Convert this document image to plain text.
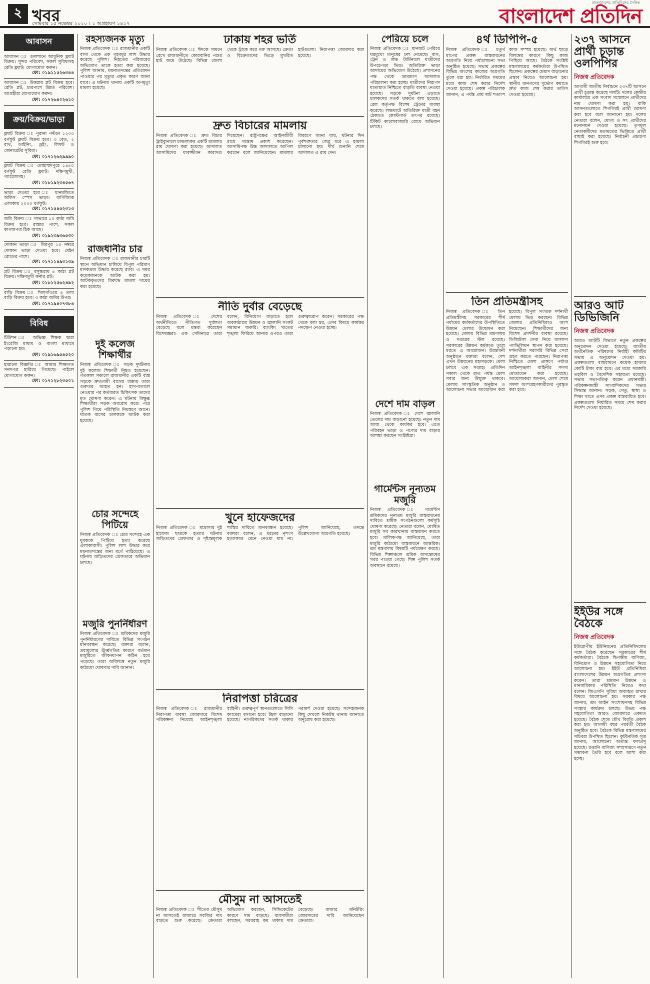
২ খবর
সোমবার ১৫ নভেম্বর ২০১০ । ১ অগ্রহায়ণ ১৪১৭
বাংলাদেশের প্রতিদিনের দৈনিক
বাংলাদেশ প্রতিদিন
আবাসন
আবাসন ঃ গুলশানে আধুনিক ফ্ল্যাট বিক্রয়। সুন্দর পরিবেশ, সকল সুবিধাসহ রেডি ফ্ল্যাট। যোগাযোগ করুন।
ফো: ০১৯১১৫২৬৩৪৪
আবাসন ঃ উত্তরায় প্লট বিক্রয় হবে। রেডি প্লট, চারপাশে উন্নত পরিবেশ। আগ্রহীরা যোগাযোগ করুন।
ফো: ০১৭২৬৪০২৬১০
ক্রয়/বিক্রয়/ভাড়া
ফ্ল্যাট বিক্রয় ঃ পুরানা পল্টনে ১২০০ বর্গফুট ফ্ল্যাট বিক্রয় হবে। ৩ বেড, ২ বাথ, ডাইনিং, ড্রইং, লিফট ও জেনারেটর সুবিধা।
ফো: ০১৭১২৬২৯৯৯০
ফ্ল্যাট বিক্রয় ঃ মোহাম্মদপুরে ১৪৫০ বর্গফুট রেডি ফ্ল্যাট। দক্ষিণমুখী, গ্যারেজসহ।
ফো: ০১৮১৯২৩৪৫৬৭
ভাড়া দেওয়া হবে ঃ ধানমন্ডিতে অফিস স্পেস ভাড়া। বাণিজ্যিক এলাকায় ২০০০ বর্গফুট।
ফো: ০১৭১৫৪৫২৩১৩
জমি বিক্রয় ঃ সাভারে ১০ কাঠা জমি বিক্রয় হবে। রাস্তার পাশে, সকল কাগজপত্র ঠিক আছে।
ফো: ০১৯১৩৯৩৬৫৩০
দোকান ভাড়া ঃ মিরপুর ১০ নম্বরে দোকান ভাড়া দেওয়া হবে। মেইন রোডের পাশে।
ফো: ০১৭১১৪৯৩১৩৯
প্লট বিক্রয় ঃ বসুন্ধরায় ৫ কাঠা প্লট বিক্রয়। দক্ষিণমুখী কর্নার প্লট।
ফো: ০১৮১২৫৬২৪৯২
বাড়ি বিক্রয় ঃ খিলগাঁওয়ে ৪ তলা বাড়ি বিক্রয় হবে। ৩ কাঠা জমির উপর।
ফো: ০১৭১৯৪০৭৩৮৪
বিবিধ
টিউশন ঃ অভিজ্ঞ শিক্ষক দ্বারা ইংরেজি মাধ্যম ও বাংলা মাধ্যমে পড়ানো হয়।
ফো: ০১৯১৬৯৫৪৫২০
হারানো বিজ্ঞপ্তি ঃ আমার শিক্ষাগত সনদপত্র হারিয়ে গিয়েছে। পাইলে যোগাযোগ করুন।
ফো: ০১৭১২৮২৩৫০১
রহস্যজনক মৃত্যু
নিজস্ব প্রতিবেদক ঃ রাজধানীর একটি বাসা থেকে এক গৃহবধূর লাশ উদ্ধার করেছে পুলিশ। নিহতের পরিবারের অভিযোগ তাকে হত্যা করা হয়েছে। পুলিশ জানায়, ময়নাতদন্তের প্রতিবেদন পাওয়ার পর মৃত্যুর প্রকৃত কারণ জানা যাবে। এ ঘটনায় থানায় একটি অপমৃত্যু মামলা হয়েছে।
রাজধানীর চার
নিজস্ব প্রতিবেদক ঃ রাজধানীর চারটি স্থানে অভিযান চালিয়ে বিপুল পরিমাণ মাদকদ্রব্য উদ্ধার করেছে র‍্যাব। এ সময় কয়েকজনকে আটক করা হয়। আটককৃতদের বিরুদ্ধে মামলা দায়ের করা হয়েছে।
দুই কলেজ শিক্ষার্থীর
নিজস্ব প্রতিবেদক ঃ সড়ক দুর্ঘটনায় দুই কলেজ শিক্ষার্থী নিহত হয়েছেন। গতকাল সকালে রাজধানীর একটি ব্যস্ত সড়কে দ্রুতগামী বাসের ধাক্কায় তারা গুরুতর আহত হন। হাসপাতালে নেওয়ার পর কর্তব্যরত চিকিৎসক তাদের মৃত ঘোষণা করেন। এ ঘটনায় বিক্ষুব্ধ শিক্ষার্থীরা সড়ক অবরোধ করে। পরে পুলিশ গিয়ে পরিস্থিতি নিয়ন্ত্রণে আনে। ঘাতক বাসের চালককে আটক করা হয়েছে।
চোর সন্দেহে পিটিয়ে
নিজস্ব প্রতিবেদক ঃ চোর সন্দেহে এক যুবককে পিটিয়ে হত্যা করেছে এলাকাবাসী। পুলিশ লাশ উদ্ধার করে ময়নাতদন্তের জন্য মর্গে পাঠিয়েছে। এ ঘটনায় জড়িতদের গ্রেফতারে অভিযান চলছে।
মজুরি পুনর্নির্ধারণ
নিজস্ব প্রতিবেদক ঃ শ্রমিকদের মজুরি পুনর্নির্ধারণের দাবিতে বিভিন্ন সংগঠন মানববন্ধন করেছে। বক্তারা বলেন, দ্রব্যমূল্যের ঊর্ধ্বগতির কারণে বর্তমান মজুরিতে জীবনযাপন কঠিন হয়ে পড়েছে। তারা অবিলম্বে নতুন মজুরি কাঠামো ঘোষণার দাবি জানান।
ঢাকায় শহর ভর্তি
নিজস্ব প্রতিবেদক ঃ ঈদকে সামনে রেখে রাজধানীতে কোরবানির পশুর হাট জমে উঠেছে। বিভিন্ন জেলা থেকে ট্রাকে করে গরু আসছে। ক্রেতা ও বিক্রেতাদের ভিড়ে মুখরিত হাটগুলো। নিরাপত্তা জোরদার করা হয়েছে।
দ্রুত বিচারের মামলায়
নিজস্ব প্রতিবেদক ঃ দ্রুত বিচার ট্রাইব্যুনালে চাঞ্চল্যকর একটি মামলার রায় ঘোষণা করা হয়েছে। আদালত আসামিদের যাবজ্জীবন কারাদণ্ড দিয়েছেন। রাষ্ট্রপক্ষের আইনজীবী রায়ে সন্তোষ প্রকাশ করেছেন। আসামিপক্ষ উচ্চ আদালতে আপিল করবেন বলে জানিয়েছেন। মামলার বিবরণে জানা যায়, ঘটনার দিন পূর্বশত্রুতার জের ধরে এ হামলা চালানো হয়। দীর্ঘ শুনানি শেষে আদালত এ রায় দেন।
নীতি দুর্বার বেড়েছে
নিজস্ব প্রতিবেদক ঃ দেশের অর্থনীতিতে নীতিগত দুর্বলতা বেড়েছে বলে মন্তব্য করেছেন বিশেষজ্ঞরা। এক সেমিনারে তারা বলেন, বিনিয়োগ বাড়াতে হলে অবকাঠামো উন্নয়ন ও জ্বালানি সংকট সমাধান জরুরি। ব্যাংকিং খাতের শৃঙ্খলা ফিরিয়ে আনার ওপরও তারা গুরুত্বারোপ করেন। সরকারের পক্ষ থেকে বলা হয়, এসব বিষয়ে কার্যকর পদক্ষেপ নেওয়া হচ্ছে।
খুনে হাফেজদের
নিজস্ব প্রতিবেদক ঃ মাদ্রাসার দুই হাফেজ ছাত্রকে হত্যার ঘটনায় জড়িতদের গ্রেফতার ও দৃষ্টান্তমূলক শাস্তির দাবিতে মানববন্ধন হয়েছে। বক্তারা বলেন, এ ধরনের নৃশংস হত্যাকাণ্ড মেনে নেওয়া যায় না। পুলিশ জানিয়েছে, তদন্তে উল্লেখযোগ্য অগ্রগতি হয়েছে।
নিরাপত্তা চরিত্রের
নিজস্ব প্রতিবেদক ঃ রাজধানীর নিরাপত্তা ব্যবস্থা জোরদারে বিশেষ পরিকল্পনা নিয়েছে আইনশৃঙ্খলা বাহিনী। গুরুত্বপূর্ণ স্থানগুলোতে সিসি ক্যামেরা বসানো হবে। টহল বাড়ানো হয়েছে। নাগরিকদের সতর্ক থাকার পরামর্শ দেওয়া হয়েছে। সন্দেহজনক কিছু দেখলে নিকটস্থ থানায় জানাতে অনুরোধ করা হয়েছে।
মৌসুম না আসতেই
নিজস্ব প্রতিবেদক ঃ শীতের মৌসুম না আসতেই বাজারে সবজির দাম বাড়তে শুরু করেছে। ক্রেতারা অভিযোগ করছেন, সিন্ডিকেটের কারণে দাম বাড়ছে। ব্যবসায়ীরা বলছেন, সরবরাহ কম থাকায় দাম বেড়েছে। বাজার মনিটরিং জোরদারের দাবি জানিয়েছেন ক্রেতারা।
পেরিয়ে চলে
নিজস্ব প্রতিবেদক ঃ যানজট পেরিয়ে ঘরমুখো মানুষের ঢল নেমেছে। বাস, ট্রেন ও লঞ্চ টার্মিনালে যাত্রীদের উপচেপড়া ভিড়। অতিরিক্ত ভাড়া আদায়ের অভিযোগ উঠেছে। প্রশাসনের পক্ষ থেকে ভ্রাম্যমাণ আদালত পরিচালনা করা হচ্ছে। যাত্রীদের নিরাপদ যাতায়াত নিশ্চিতে বাড়তি ব্যবস্থা নেওয়া হয়েছে। সড়কে দুর্ঘটনা এড়াতে চালকদের সতর্ক থাকতে বলা হয়েছে। রেল কর্তৃপক্ষ বিশেষ ট্রেনের ব্যবস্থা করেছে। লঞ্চঘাটে অতিরিক্ত যাত্রী বহন ঠেকাতে কোস্টগার্ড তৎপর রয়েছে। টিকিট কালোবাজারি রোধে অভিযান চলছে।
দেশে দাম বাড়ল
নিজস্ব প্রতিবেদক ঃ দেশে জ্বালানি তেলের দাম বাড়ানো হয়েছে। নতুন দাম আজ থেকে কার্যকর হবে। এতে পরিবহন ভাড়া ও পণ্যের দাম বাড়ার আশঙ্কা করছেন সংশ্লিষ্টরা।
গার্মেন্টস নূন্যতম মজুরি
নিজস্ব প্রতিবেদক ঃ গার্মেন্টস শ্রমিকদের নূন্যতম মজুরি বাস্তবায়নের দাবিতে শ্রমিক সংগঠনগুলো কর্মসূচি ঘোষণা করেছে। নেতারা বলেন, ঘোষিত মজুরি সব কারখানায় বাস্তবায়ন করতে হবে। মালিকপক্ষ জানিয়েছে, তারা মজুরি কাঠামো বাস্তবায়নে আন্তরিক। শ্রম মন্ত্রণালয় বিষয়টি পর্যবেক্ষণ করছে। বিভিন্ন শিল্পাঞ্চলে শ্রমিক অসন্তোষের খবর পাওয়া গেছে। শিল্প পুলিশ সতর্ক অবস্থানে রয়েছে।
৪র্থ ডিপিপি-৫
নিজস্ব প্রতিবেদক ঃ চতুর্থ ধাপের প্রকল্প বাস্তবায়নের অগ্রগতি নিয়ে পর্যালোচনা সভা অনুষ্ঠিত হয়েছে। সভায় প্রকল্পের বিভিন্ন অংশের কাজের অগ্রগতি তুলে ধরা হয়। নির্ধারিত সময়ের মধ্যে কাজ শেষ করার নির্দেশ দেওয়া হয়েছে। প্রকল্প পরিচালক জানান, এ পর্যন্ত প্রায় ষাট শতাংশ কাজ সম্পন্ন হয়েছে। অর্থ ছাড়ে বিলম্বের কারণে কিছু কাজ পিছিয়ে আছে। বৈঠকে সংশ্লিষ্ট মন্ত্রণালয়ের কর্মকর্তারা উপস্থিত ছিলেন। প্রকল্পের মেয়াদ বাড়ানোর প্রস্তাব নিয়েও আলোচনা হয়। স্থানীয় জনগণের দুর্ভোগ কমাতে দ্রুত কাজ শেষ করার তাগিদ দেওয়া হয়েছে।
তিন প্রতিমন্ত্রীসহ
নিজস্ব প্রতিবেদক ঃ তিন প্রতিমন্ত্রীসহ সরকারের শীর্ষ পর্যায়ের কর্মকর্তাদের উপস্থিতিতে উন্নয়ন মেলার উদ্বোধন করা হয়েছে। মেলায় বিভিন্ন মন্ত্রণালয় ও দপ্তরের স্টল রয়েছে। সরকারের উন্নয়ন কর্মকাণ্ড তুলে ধরতে এ আয়োজন। উদ্বোধনী অনুষ্ঠানে বক্তারা বলেন, দেশ এখন উন্নয়নের মহাসড়কে। মেলা চলবে এক সপ্তাহ। প্রতিদিন সকাল থেকে রাত পর্যন্ত মেলা সবার জন্য উন্মুক্ত থাকবে। মেলায় সাংস্কৃতিক অনুষ্ঠান ও আলোচনা সভার আয়োজন করা হয়েছে। বিপুল সংখ্যক দর্শনার্থী মেলায় ভিড় করছেন। বিভিন্ন জেলার প্রতিনিধিরাও অংশ নিয়েছেন। শিক্ষার্থীদের জন্য বিশেষ প্রদর্শনীর ব্যবস্থা রয়েছে। ডিজিটাল সেবা নিয়ে আলাদা প্যাভিলিয়ন স্থাপন করা হয়েছে। দর্শনার্থীরা সরাসরি বিভিন্ন সেবা গ্রহণ করতে পারছেন। নিরাপত্তা নিশ্চিতে মেলা প্রাঙ্গণে পর্যাপ্ত আইনশৃঙ্খলা বাহিনীর সদস্য মোতায়েন করা হয়েছে। আয়োজকরা জানান, মেলা শেষে সফল অংশগ্রহণকারীদের পুরস্কৃত করা হবে।
২৩৭ আসনে প্রার্থী চূড়ান্ত ওলপিপির
নিজস্ব প্রতিবেদক
আগামী জাতীয় নির্বাচনে ২৩৭টি আসনে প্রার্থী চূড়ান্ত করেছে দলটি। দলের কেন্দ্রীয় কার্যালয়ে এক সংবাদ সম্মেলনে প্রার্থীদের নাম ঘোষণা করা হয়। বাকি আসনগুলোতে শিগগিরই প্রার্থী ঘোষণা করা হবে বলে জানানো হয়। দলের নেতারা বলেন, যোগ্য ও সৎ প্রার্থীদের মনোনয়ন দেওয়া হয়েছে। তৃণমূল নেতাকর্মীদের মতামতের ভিত্তিতে প্রার্থী বাছাই করা হয়েছে। নির্বাচনী প্রচারণা শিগগিরই শুরু হবে।
আরও আট ডিভিজিনি
নিজস্ব প্রতিবেদক
আরও আটটি বিভাগে নতুন প্রকল্পের অনুমোদন দেওয়া হয়েছে। জাতীয় অর্থনৈতিক পরিষদের নির্বাহী কমিটির সভায় এ অনুমোদন দেওয়া হয়। প্রকল্পগুলো বাস্তবায়নে কয়েক হাজার কোটি টাকা ব্যয় হবে। এর মধ্যে সরকারি তহবিল ও বৈদেশিক সহায়তা রয়েছে। সভায় সভাপতিত্ব করেন প্রধানমন্ত্রী। পরিকল্পনামন্ত্রী সাংবাদিকদের সভার সিদ্ধান্ত জানান। সড়ক, সেতু, স্বাস্থ্য ও শিক্ষা খাতে এসব প্রকল্প বাস্তবায়িত হবে। প্রকল্পগুলো নির্ধারিত সময়ে শেষ করার নির্দেশ দেওয়া হয়েছে।
ইইউর সঙ্গে বৈঠকে
নিজস্ব প্রতিবেদক
ইউরোপীয় ইউনিয়নের প্রতিনিধিদলের সঙ্গে বৈঠক করেছেন সরকারের শীর্ষ কর্মকর্তারা। বৈঠকে দ্বিপক্ষীয় বাণিজ্য, বিনিয়োগ ও উন্নয়ন সহযোগিতা নিয়ে আলোচনা হয়। ইইউ প্রতিনিধিরা বাংলাদেশের উন্নয়ন অগ্রগতির প্রশংসা করেন। তারা শ্রমমান উন্নয়ন ও মানবাধিকার পরিস্থিতি নিয়েও কথা বলেন। জিএসপি সুবিধা অব্যাহত রাখার বিষয়ে আলোচনা হয়। সরকার পক্ষ জানায়, শ্রম আইন সংশোধনসহ বিভিন্ন সংস্কার কার্যক্রম চলছে। উভয় পক্ষ সহযোগিতা আরও জোরদারে একমত হয়েছে। বৈঠক শেষে যৌথ বিবৃতি প্রকাশ করা হয়। আগামী বছর পরবর্তী বৈঠক অনুষ্ঠিত হবে। বৈঠকে বিভিন্ন মন্ত্রণালয়ের সচিবরা উপস্থিত ছিলেন। কূটনৈতিক সূত্র জানায়, আলোচনা অত্যন্ত ফলপ্রসূ হয়েছে। রপ্তানি বাণিজ্য সম্প্রসারণে নতুন সম্ভাবনা তৈরি হবে বলে আশা করা হচ্ছে।
